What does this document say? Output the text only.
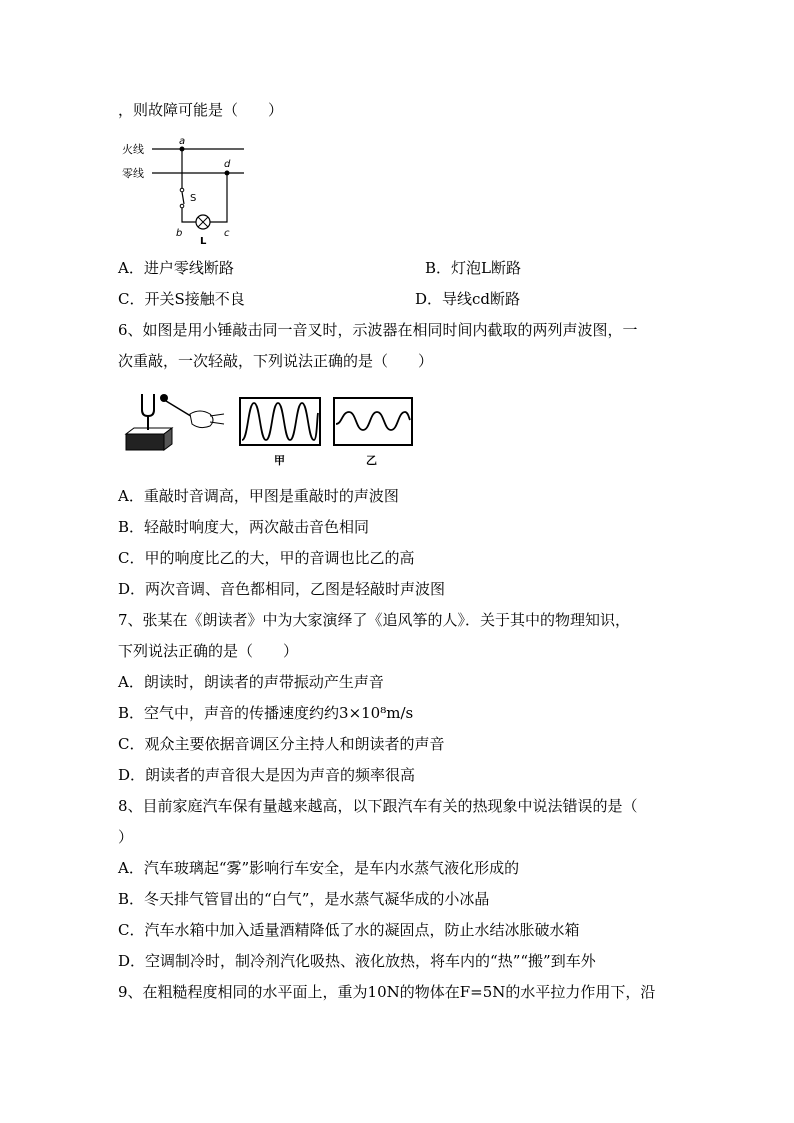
，则故障可能是（　　）
火线
零线
a
d
S
b	c
L
A．进户零线断路	B．灯泡L断路
C．开关S接触不良	D．导线cd断路
6、如图是用小锤敲击同一音叉时，示波器在相同时间内截取的两列声波图，一
次重敲，一次轻敲，下列说法正确的是（　　）
甲	乙
A．重敲时音调高，甲图是重敲时的声波图
B．轻敲时响度大，两次敲击音色相同
C．甲的响度比乙的大，甲的音调也比乙的高
D．两次音调、音色都相同，乙图是轻敲时声波图
7、张某在《朗读者》中为大家演绎了《追风筝的人》．关于其中的物理知识，
下列说法正确的是（　　）
A．朗读时，朗读者的声带振动产生声音
B．空气中，声音的传播速度约约3×10⁸m/s
C．观众主要依据音调区分主持人和朗读者的声音
D．朗读者的声音很大是因为声音的频率很高
8、目前家庭汽车保有量越来越高，以下跟汽车有关的热现象中说法错误的是（
）
A．汽车玻璃起“雾”影响行车安全，是车内水蒸气液化形成的
B．冬天排气管冒出的“白气”，是水蒸气凝华成的小冰晶
C．汽车水箱中加入适量酒精降低了水的凝固点，防止水结冰胀破水箱
D．空调制冷时，制冷剂汽化吸热、液化放热，将车内的“热”“搬”到车外
9、在粗糙程度相同的水平面上，重为10N的物体在F=5N的水平拉力作用下，沿
